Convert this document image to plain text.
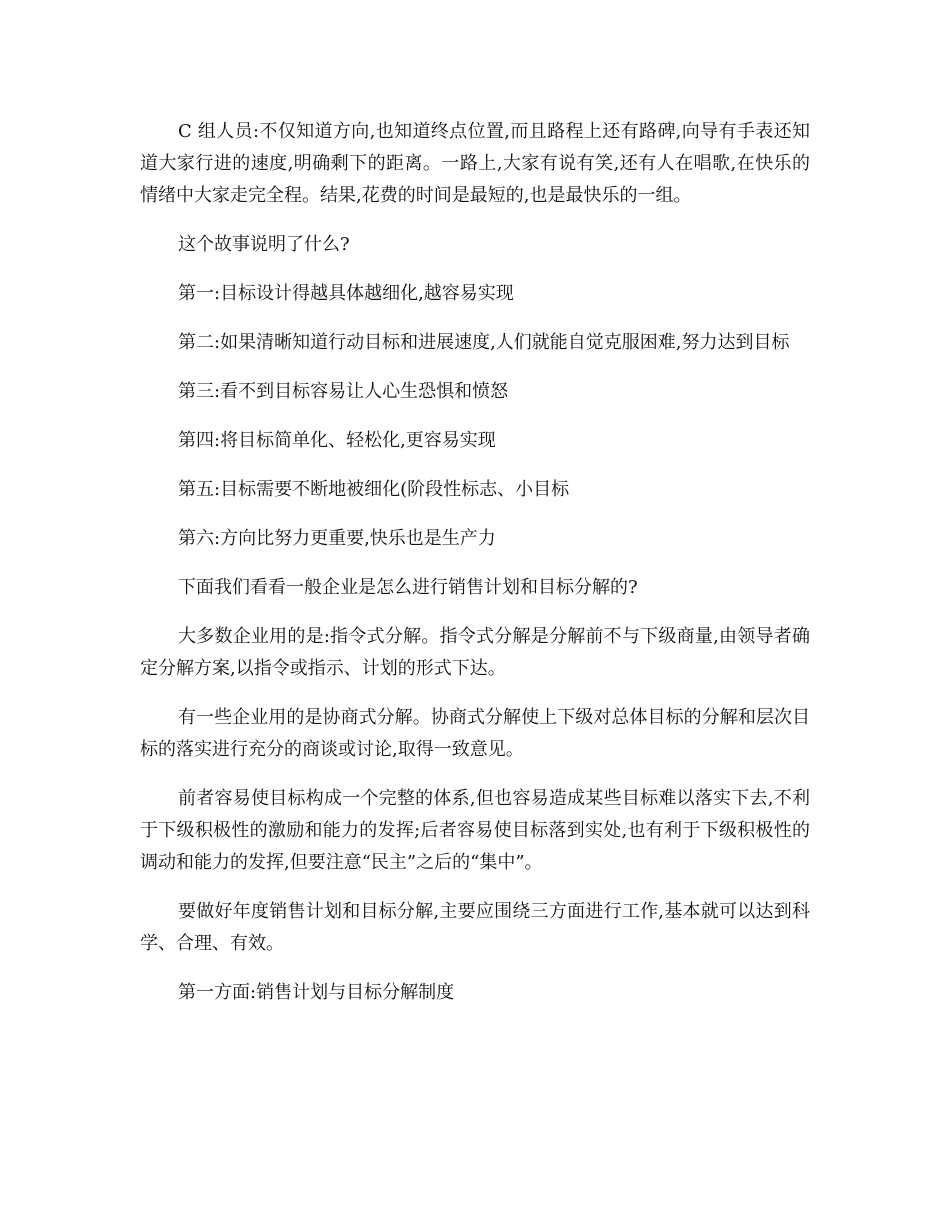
C 组人员:不仅知道方向,也知道终点位置,而且路程上还有路碑,向导有手表还知道大家行进的速度,明确剩下的距离。一路上,大家有说有笑,还有人在唱歌,在快乐的情绪中大家走完全程。结果,花费的时间是最短的,也是最快乐的一组。

这个故事说明了什么?

第一:目标设计得越具体越细化,越容易实现

第二:如果清晰知道行动目标和进展速度,人们就能自觉克服困难,努力达到目标

第三:看不到目标容易让人心生恐惧和愤怒

第四:将目标简单化、轻松化,更容易实现

第五:目标需要不断地被细化(阶段性标志、小目标

第六:方向比努力更重要,快乐也是生产力

下面我们看看一般企业是怎么进行销售计划和目标分解的?

大多数企业用的是:指令式分解。指令式分解是分解前不与下级商量,由领导者确定分解方案,以指令或指示、计划的形式下达。

有一些企业用的是协商式分解。协商式分解使上下级对总体目标的分解和层次目标的落实进行充分的商谈或讨论,取得一致意见。

前者容易使目标构成一个完整的体系,但也容易造成某些目标难以落实下去,不利于下级积极性的激励和能力的发挥;后者容易使目标落到实处,也有利于下级积极性的调动和能力的发挥,但要注意“民主”之后的“集中”。

要做好年度销售计划和目标分解,主要应围绕三方面进行工作,基本就可以达到科学、合理、有效。

第一方面:销售计划与目标分解制度
